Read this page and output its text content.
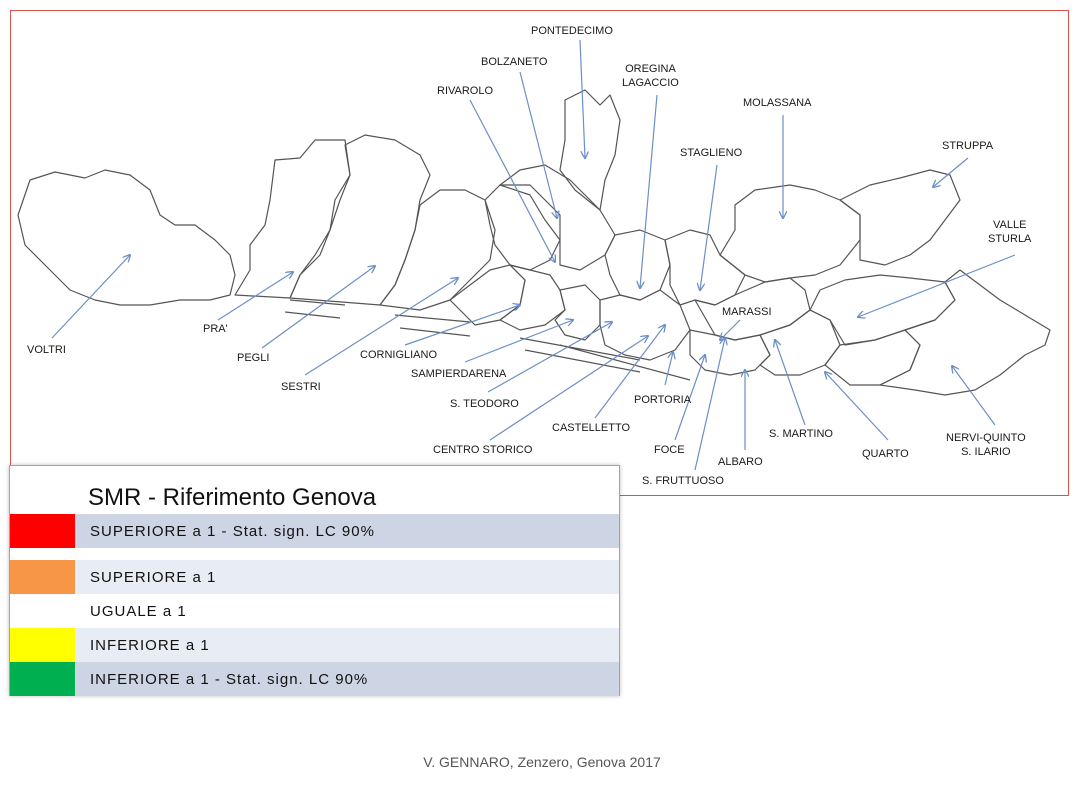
VOLTRI
PRA'
PEGLI
SESTRI
CORNIGLIANO
SAMPIERDARENA
S. TEODORO
CENTRO STORICO
CASTELLETTO
PORTORIA
FOCE
S. FRUTTUOSO
ALBARO
S. MARTINO
QUARTO
NERVI-QUINTO
S. ILARIO
RIVAROLO
BOLZANETO
PONTEDECIMO
OREGINA
LAGACCIO
STAGLIENO
MOLASSANA
MARASSI
STRUPPA
VALLE
STURLA
SMR - Riferimento Genova
SUPERIORE a 1 - Stat. sign. LC 90%
SUPERIORE a 1
UGUALE a 1
INFERIORE a 1
INFERIORE a 1 - Stat. sign. LC 90%
V. GENNARO, Zenzero, Genova 2017
